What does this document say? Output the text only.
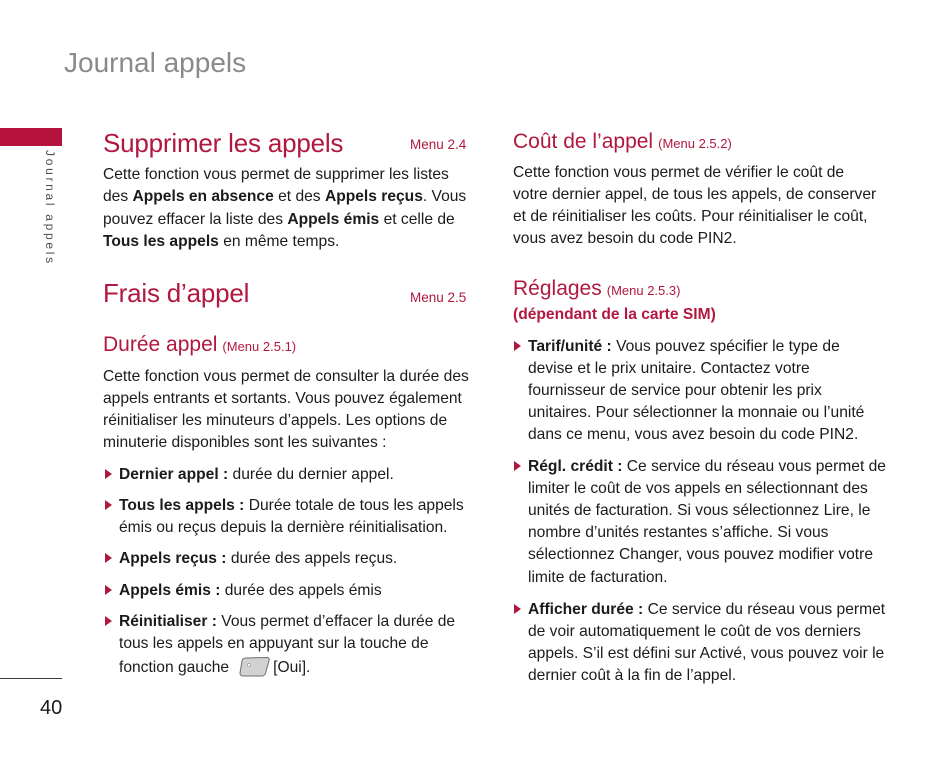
Journal appels
Journal appels
40
Supprimer les appels	Menu 2.4
Cette fonction vous permet de supprimer les listes
des Appels en absence et des Appels reçus. Vous
pouvez effacer la liste des Appels émis et celle de
Tous les appels en même temps.
Frais d’appel	Menu 2.5
Durée appel (Menu 2.5.1)
Cette fonction vous permet de consulter la durée des
appels entrants et sortants. Vous pouvez également
réinitialiser les minuteurs d’appels. Les options de
minuterie disponibles sont les suivantes :
Dernier appel : durée du dernier appel.
Tous les appels : Durée totale de tous les appels
émis ou reçus depuis la dernière réinitialisation.
Appels reçus : durée des appels reçus.
Appels émis : durée des appels émis
Réinitialiser : Vous permet d’effacer la durée de
tous les appels en appuyant sur la touche de
fonction gauche	[Oui].
Coût de l’appel (Menu 2.5.2)
Cette fonction vous permet de vérifier le coût de
votre dernier appel, de tous les appels, de conserver
et de réinitialiser les coûts. Pour réinitialiser le coût,
vous avez besoin du code PIN2.
Réglages (Menu 2.5.3)
(dépendant de la carte SIM)
Tarif/unité : Vous pouvez spécifier le type de
devise et le prix unitaire. Contactez votre
fournisseur de service pour obtenir les prix
unitaires. Pour sélectionner la monnaie ou l’unité
dans ce menu, vous avez besoin du code PIN2.
Régl. crédit : Ce service du réseau vous permet de
limiter le coût de vos appels en sélectionnant des
unités de facturation. Si vous sélectionnez Lire, le
nombre d’unités restantes s’affiche. Si vous
sélectionnez Changer, vous pouvez modifier votre
limite de facturation.
Afficher durée : Ce service du réseau vous permet
de voir automatiquement le coût de vos derniers
appels. S’il est défini sur Activé, vous pouvez voir le
dernier coût à la fin de l’appel.
